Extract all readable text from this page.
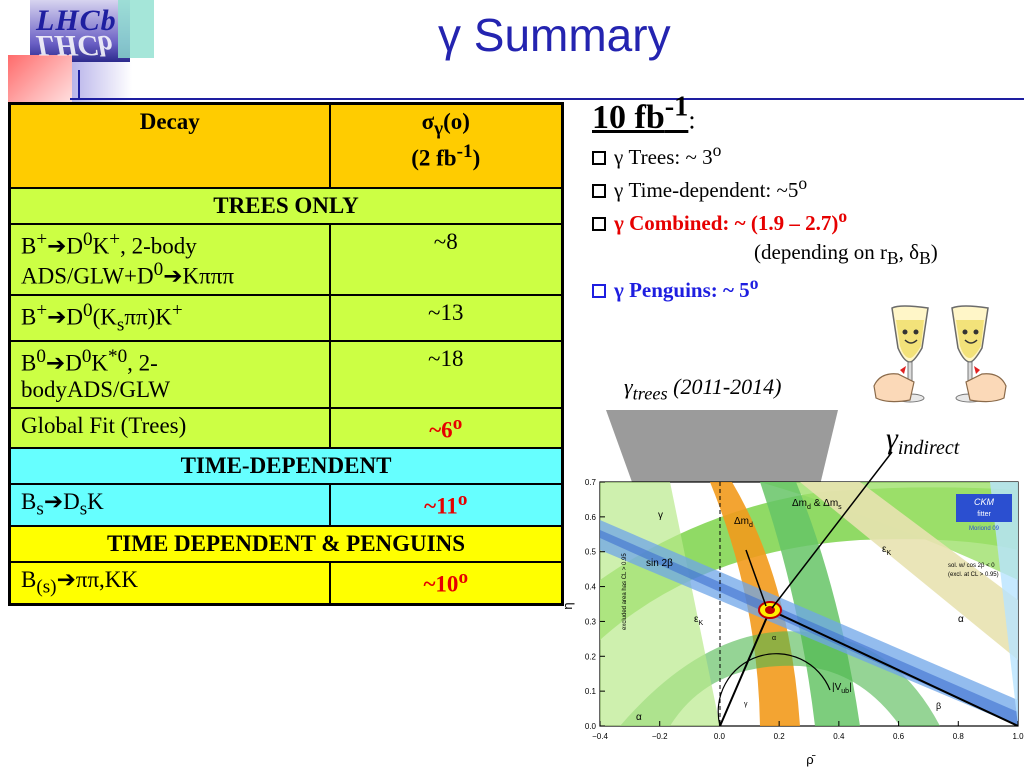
LHCb
LHCb	γ Summary
Decay	$\sigma_\gamma(o)$
(2 $fb^{-1}$)
TREES ONLY	
$B^+➔D^0K^+$, 2-body
ADS/$GLW+D^0➔K\pi\pi\pi$	~8
$B^+➔D^0(K_s\pi\pi)K^+$	~13
$B^0➔D^0K^{*0}$, 2-
bodyADS/GLW	~18
Global Fit (Trees)	~6$^o$
TIME-DEPENDENT	
$B_s➔D_sK$	~11$^o$
TIME DEPENDENT & PENGUINS	
$B_{(s)}➔\pi\pi,KK$	~10$^o$
10 $fb^{-1}$:
γ Trees: ~ 3$^o$
γ Time-dependent: ~5$^o$
γ Combined: ~ (1.9 – 2.7)$^o$
(depending on $r_B$, $\delta_B$)
γ Penguins: ~ 5$^o$
$\gamma_{trees}$ (2011-2014)
$\gamma_{indirect}$
CKM
fitter
Moriond 09
sol. w/ cos 2β < 0
(excl. at CL > 0.95)
excluded area has CL > 0.95
γ
$\Delta m_d$
$\Delta m_d$ & $\Delta m_s$
$\varepsilon_K$
sin 2β
$\varepsilon_K$	α
α
α
$|V_{ub}|$
β
γ
−0.4	−0.2	0.0	0.2	0.4	0.6	0.8	1.0
0.0
0.1
0.2
0.3
0.4
0.5
0.6
0.7
ρ̄
η̄
